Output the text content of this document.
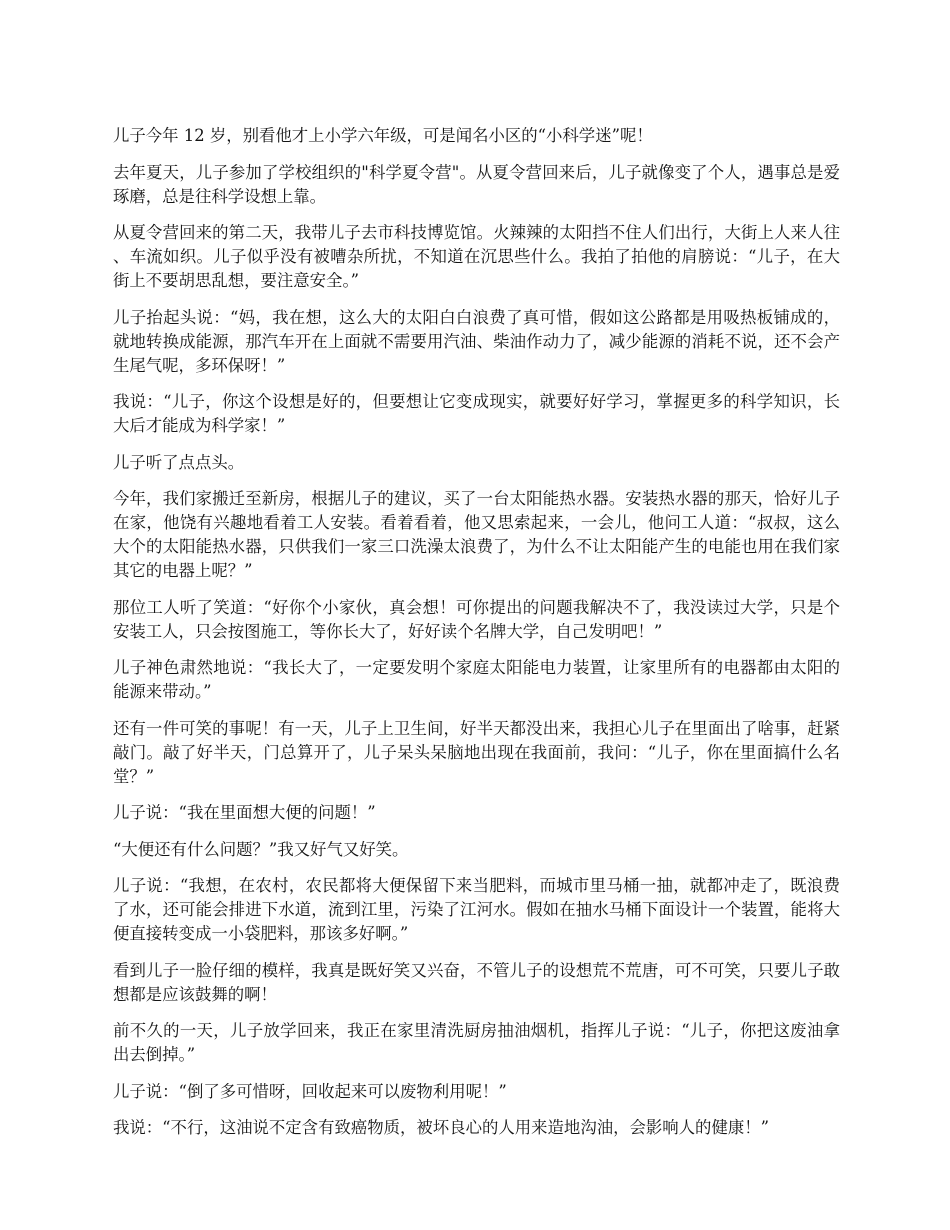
儿子今年 12 岁，别看他才上小学六年级，可是闻名小区的“小科学迷”呢！

去年夏天，儿子参加了学校组织的"科学夏令营"。从夏令营回来后，儿子就像变了个人，遇事总是爱琢磨，总是往科学设想上靠。

从夏令营回来的第二天，我带儿子去市科技博览馆。火辣辣的太阳挡不住人们出行，大街上人来人往、车流如织。儿子似乎没有被嘈杂所扰，不知道在沉思些什么。我拍了拍他的肩膀说：“儿子，在大街上不要胡思乱想，要注意安全。”

儿子抬起头说：“妈，我在想，这么大的太阳白白浪费了真可惜，假如这公路都是用吸热板铺成的，就地转换成能源，那汽车开在上面就不需要用汽油、柴油作动力了，减少能源的消耗不说，还不会产生尾气呢，多环保呀！”

我说：“儿子，你这个设想是好的，但要想让它变成现实，就要好好学习，掌握更多的科学知识，长大后才能成为科学家！”

儿子听了点点头。

今年，我们家搬迁至新房，根据儿子的建议，买了一台太阳能热水器。安装热水器的那天，恰好儿子在家，他饶有兴趣地看着工人安装。看着看着，他又思索起来，一会儿，他问工人道：“叔叔，这么大个的太阳能热水器，只供我们一家三口洗澡太浪费了，为什么不让太阳能产生的电能也用在我们家其它的电器上呢？”

那位工人听了笑道：“好你个小家伙，真会想！可你提出的问题我解决不了，我没读过大学，只是个安装工人，只会按图施工，等你长大了，好好读个名牌大学，自己发明吧！”

儿子神色肃然地说：“我长大了，一定要发明个家庭太阳能电力装置，让家里所有的电器都由太阳的能源来带动。”

还有一件可笑的事呢！有一天，儿子上卫生间，好半天都没出来，我担心儿子在里面出了啥事，赶紧敲门。敲了好半天，门总算开了，儿子呆头呆脑地出现在我面前，我问：“儿子，你在里面搞什么名堂？”

儿子说：“我在里面想大便的问题！”

“大便还有什么问题？”我又好气又好笑。

儿子说：“我想，在农村，农民都将大便保留下来当肥料，而城市里马桶一抽，就都冲走了，既浪费了水，还可能会排进下水道，流到江里，污染了江河水。假如在抽水马桶下面设计一个装置，能将大便直接转变成一小袋肥料，那该多好啊。”

看到儿子一脸仔细的模样，我真是既好笑又兴奋，不管儿子的设想荒不荒唐，可不可笑，只要儿子敢想都是应该鼓舞的啊！

前不久的一天，儿子放学回来，我正在家里清洗厨房抽油烟机，指挥儿子说：“儿子，你把这废油拿出去倒掉。”

儿子说：“倒了多可惜呀，回收起来可以废物利用呢！”

我说：“不行，这油说不定含有致癌物质，被坏良心的人用来造地沟油，会影响人的健康！”
